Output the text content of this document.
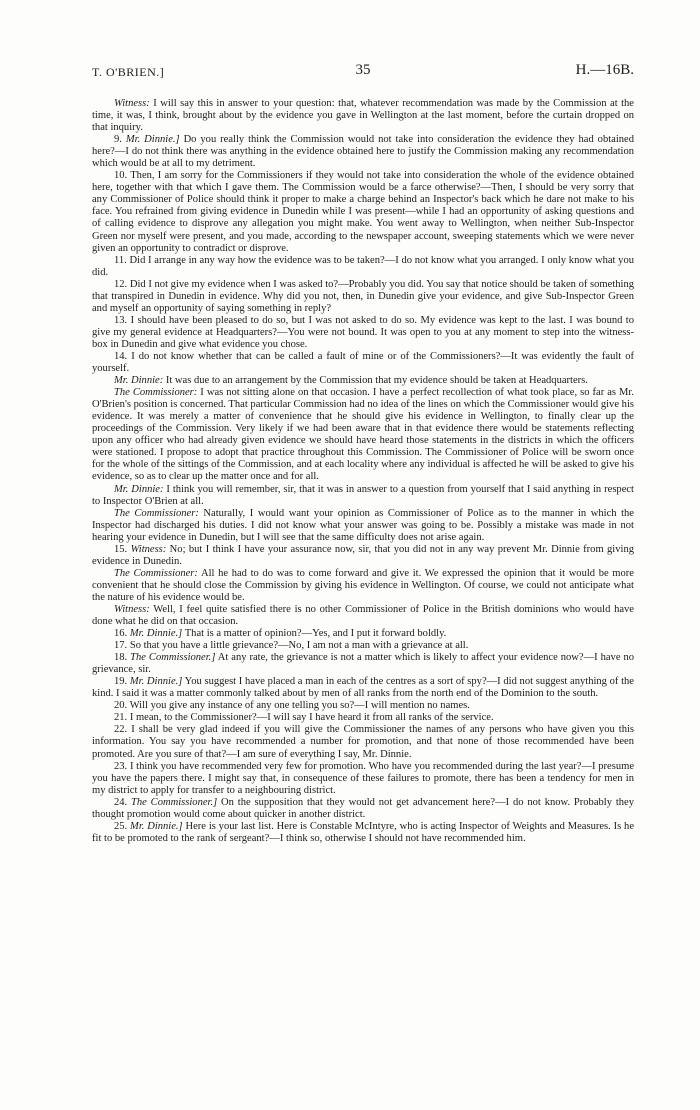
T. O'BRIEN.]	35	H.—16B.

Witness: I will say this in answer to your question: that, whatever recommendation was made by the Commission at the time, it was, I think, brought about by the evidence you gave in Wellington at the last moment, before the curtain dropped on that inquiry.

9. Mr. Dinnie.] Do you really think the Commission would not take into consideration the evidence they had obtained here?—I do not think there was anything in the evidence obtained here to justify the Commission making any recommendation which would be at all to my detriment.

10. Then, I am sorry for the Commissioners if they would not take into consideration the whole of the evidence obtained here, together with that which I gave them. The Commission would be a farce otherwise?—Then, I should be very sorry that any Commissioner of Police should think it proper to make a charge behind an Inspector's back which he dare not make to his face. You refrained from giving evidence in Dunedin while I was present—while I had an opportunity of asking questions and of calling evidence to disprove any allegation you might make. You went away to Wellington, when neither Sub-Inspector Green nor myself were present, and you made, according to the newspaper account, sweeping statements which we were never given an opportunity to contradict or disprove.

11. Did I arrange in any way how the evidence was to be taken?—I do not know what you arranged. I only know what you did.

12. Did I not give my evidence when I was asked to?—Probably you did. You say that notice should be taken of something that transpired in Dunedin in evidence. Why did you not, then, in Dunedin give your evidence, and give Sub-Inspector Green and myself an opportunity of saying something in reply?

13. I should have been pleased to do so, but I was not asked to do so. My evidence was kept to the last. I was bound to give my general evidence at Headquarters?—You were not bound. It was open to you at any moment to step into the witness-box in Dunedin and give what evidence you chose.

14. I do not know whether that can be called a fault of mine or of the Commissioners?—It was evidently the fault of yourself.

Mr. Dinnie: It was due to an arrangement by the Commission that my evidence should be taken at Headquarters.

The Commissioner: I was not sitting alone on that occasion. I have a perfect recollection of what took place, so far as Mr. O'Brien's position is concerned. That particular Commission had no idea of the lines on which the Commissioner would give his evidence. It was merely a matter of convenience that he should give his evidence in Wellington, to finally clear up the proceedings of the Commission. Very likely if we had been aware that in that evidence there would be statements reflecting upon any officer who had already given evidence we should have heard those statements in the districts in which the officers were stationed. I propose to adopt that practice throughout this Commission. The Commissioner of Police will be sworn once for the whole of the sittings of the Commission, and at each locality where any individual is affected he will be asked to give his evidence, so as to clear up the matter once and for all.

Mr. Dinnie: I think you will remember, sir, that it was in answer to a question from yourself that I said anything in respect to Inspector O'Brien at all.

The Commissioner: Naturally, I would want your opinion as Commissioner of Police as to the manner in which the Inspector had discharged his duties. I did not know what your answer was going to be. Possibly a mistake was made in not hearing your evidence in Dunedin, but I will see that the same difficulty does not arise again.

15. Witness: No; but I think I have your assurance now, sir, that you did not in any way prevent Mr. Dinnie from giving evidence in Dunedin.

The Commissioner: All he had to do was to come forward and give it. We expressed the opinion that it would be more convenient that he should close the Commission by giving his evidence in Wellington. Of course, we could not anticipate what the nature of his evidence would be.

Witness: Well, I feel quite satisfied there is no other Commissioner of Police in the British dominions who would have done what he did on that occasion.

16. Mr. Dinnie.] That is a matter of opinion?—Yes, and I put it forward boldly.

17. So that you have a little grievance?—No, I am not a man with a grievance at all.

18. The Commissioner.] At any rate, the grievance is not a matter which is likely to affect your evidence now?—I have no grievance, sir.

19. Mr. Dinnie.] You suggest I have placed a man in each of the centres as a sort of spy?—I did not suggest anything of the kind. I said it was a matter commonly talked about by men of all ranks from the north end of the Dominion to the south.

20. Will you give any instance of any one telling you so?—I will mention no names.

21. I mean, to the Commissioner?—I will say I have heard it from all ranks of the service.

22. I shall be very glad indeed if you will give the Commissioner the names of any persons who have given you this information. You say you have recommended a number for promotion, and that none of those recommended have been promoted. Are you sure of that?—I am sure of everything I say, Mr. Dinnie.

23. I think you have recommended very few for promotion. Who have you recommended during the last year?—I presume you have the papers there. I might say that, in consequence of these failures to promote, there has been a tendency for men in my district to apply for transfer to a neighbouring district.

24. The Commissioner.] On the supposition that they would not get advancement here?—I do not know. Probably they thought promotion would come about quicker in another district.

25. Mr. Dinnie.] Here is your last list. Here is Constable McIntyre, who is acting Inspector of Weights and Measures. Is he fit to be promoted to the rank of sergeant?—I think so, otherwise I should not have recommended him.
